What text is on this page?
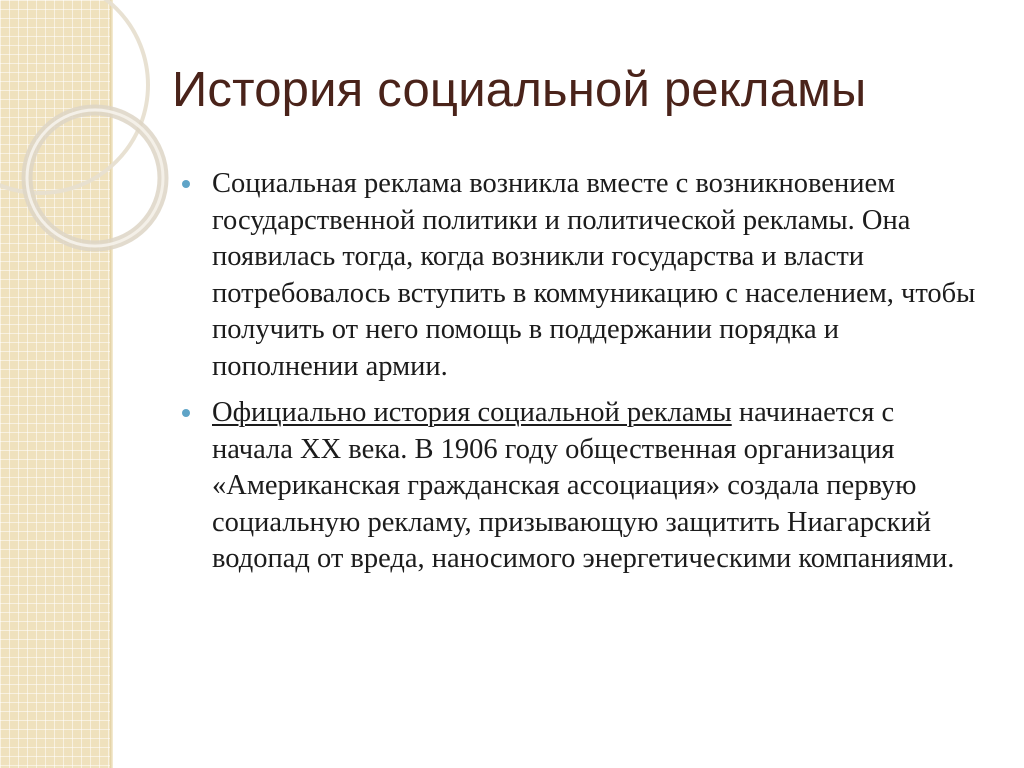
История социальной рекламы
Социальная реклама возникла вместе с возникновением государственной политики и политической рекламы. Она появилась тогда, когда возникли государства и власти потребовалось вступить в коммуникацию с населением, чтобы получить от него помощь в поддержании порядка и пополнении армии.
Официально история социальной рекламы начинается с начала XX века. В 1906 году общественная организация «Американская гражданская ассоциация» создала первую социальную рекламу, призывающую защитить Ниагарский водопад от вреда, наносимого энергетическими компаниями.
